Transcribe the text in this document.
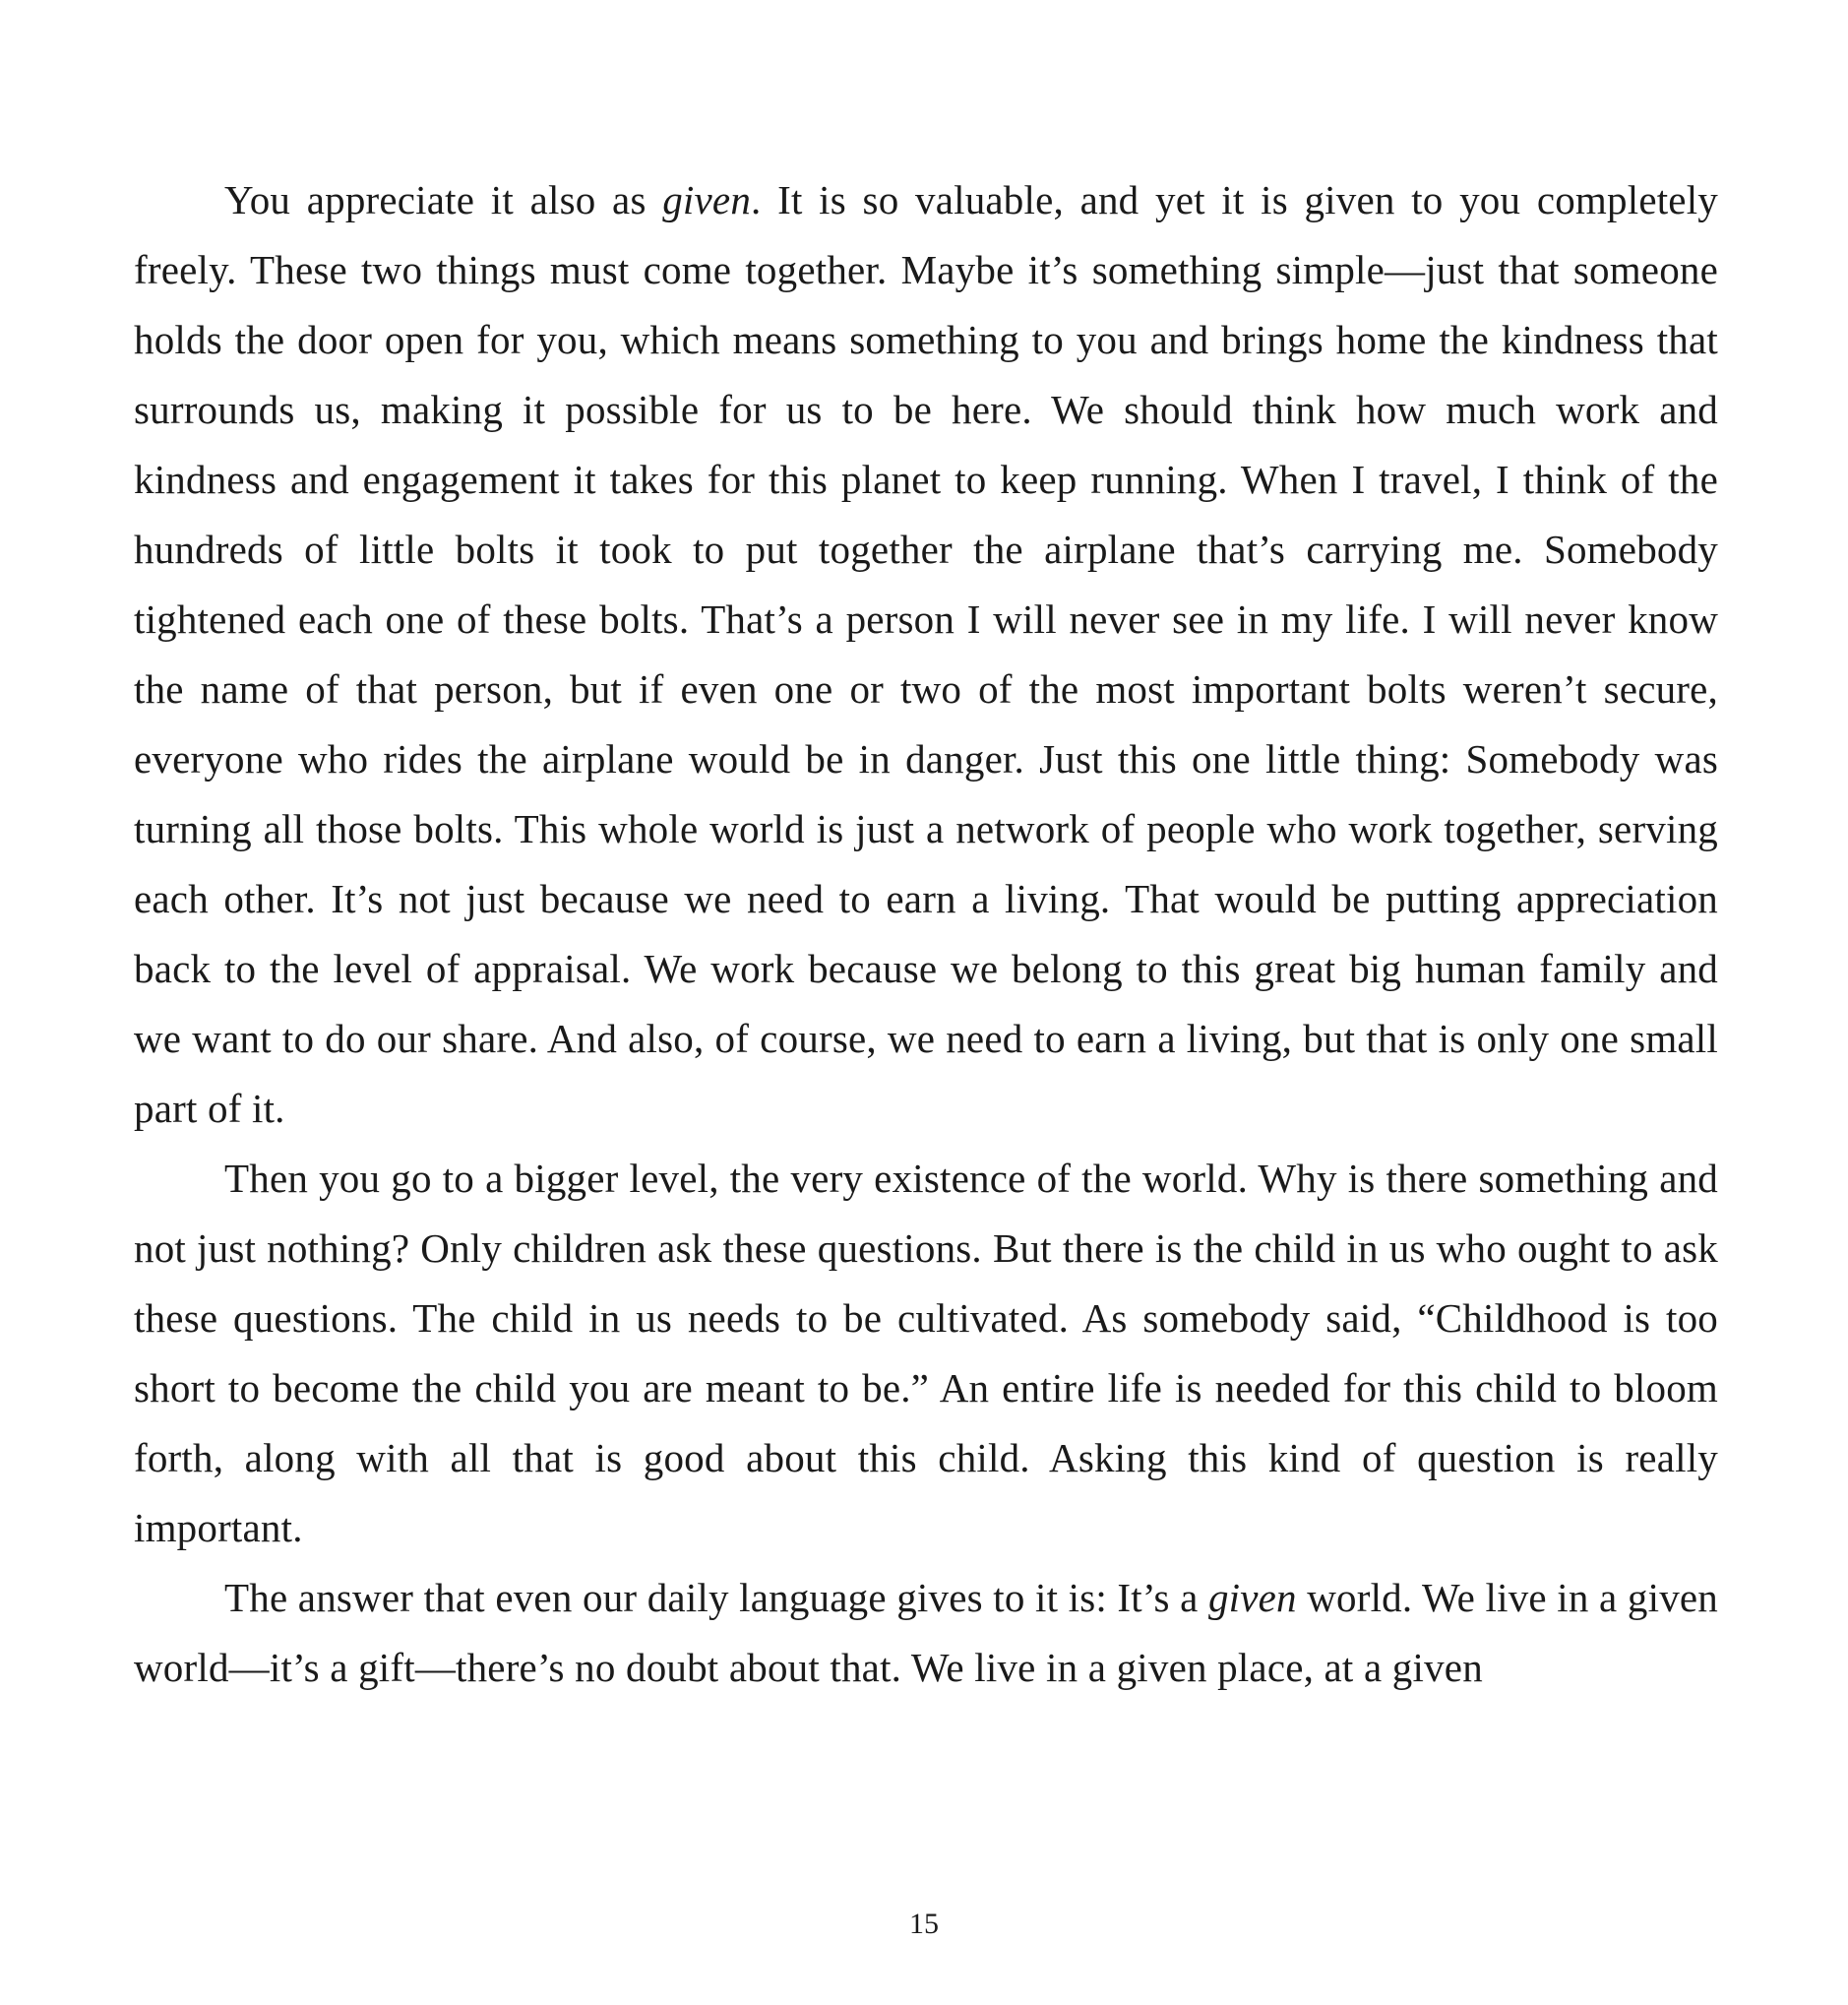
You appreciate it also as given. It is so valuable, and yet it is given to you completely freely. These two things must come together. Maybe it’s something simple—just that someone holds the door open for you, which means something to you and brings home the kindness that surrounds us, making it possible for us to be here. We should think how much work and kindness and engagement it takes for this planet to keep running. When I travel, I think of the hundreds of little bolts it took to put together the airplane that’s carrying me. Somebody tightened each one of these bolts. That’s a person I will never see in my life. I will never know the name of that person, but if even one or two of the most important bolts weren’t secure, everyone who rides the airplane would be in danger. Just this one little thing: Somebody was turning all those bolts. This whole world is just a network of people who work together, serving each other. It’s not just because we need to earn a living. That would be putting appreciation back to the level of appraisal. We work because we belong to this great big human family and we want to do our share. And also, of course, we need to earn a living, but that is only one small part of it.

Then you go to a bigger level, the very existence of the world. Why is there something and not just nothing? Only children ask these questions. But there is the child in us who ought to ask these questions. The child in us needs to be cultivated. As somebody said, “Childhood is too short to become the child you are meant to be.” An entire life is needed for this child to bloom forth, along with all that is good about this child. Asking this kind of question is really important.

The answer that even our daily language gives to it is: It’s a given world. We live in a given world—it’s a gift—there’s no doubt about that. We live in a given place, at a given

15
